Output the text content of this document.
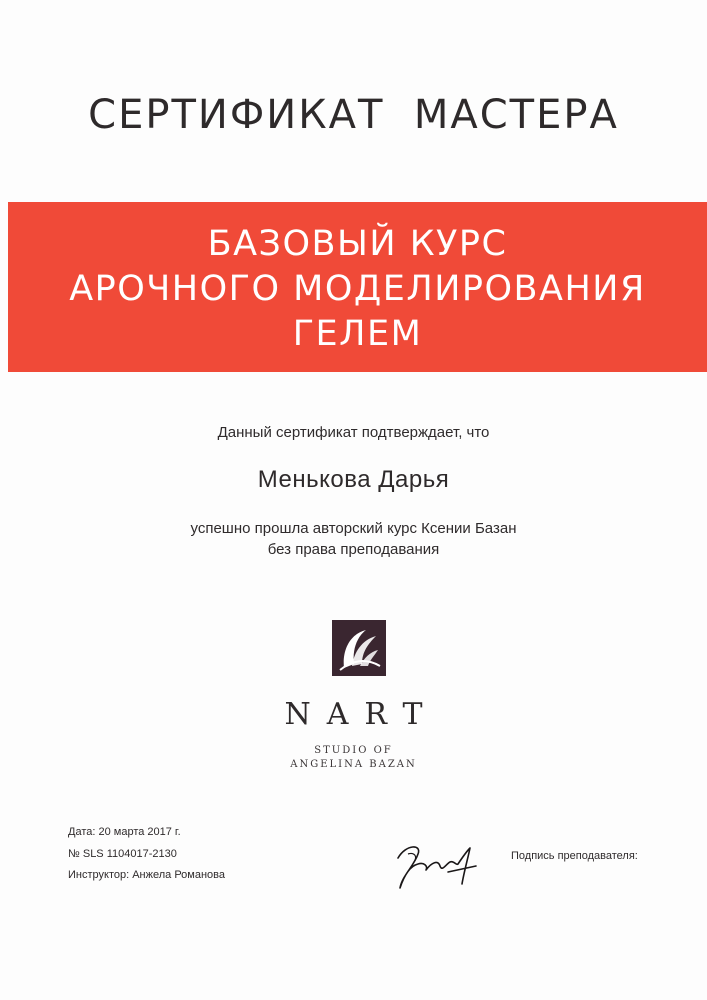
СЕРТИФИКАТ  МАСТЕРА
БАЗОВЫЙ КУРС
АРОЧНОГО МОДЕЛИРОВАНИЯ
ГЕЛЕМ
Данный сертификат подтверждает, что
Менькова Дарья
успешно прошла авторский курс Ксении Базан
без права преподавания
NART
STUDIO OF
ANGELINA BAZAN
Дата: 20 марта 2017 г.
№ SLS 1104017-2130
Инструктор: Анжела Романова
Подпись преподавателя:
